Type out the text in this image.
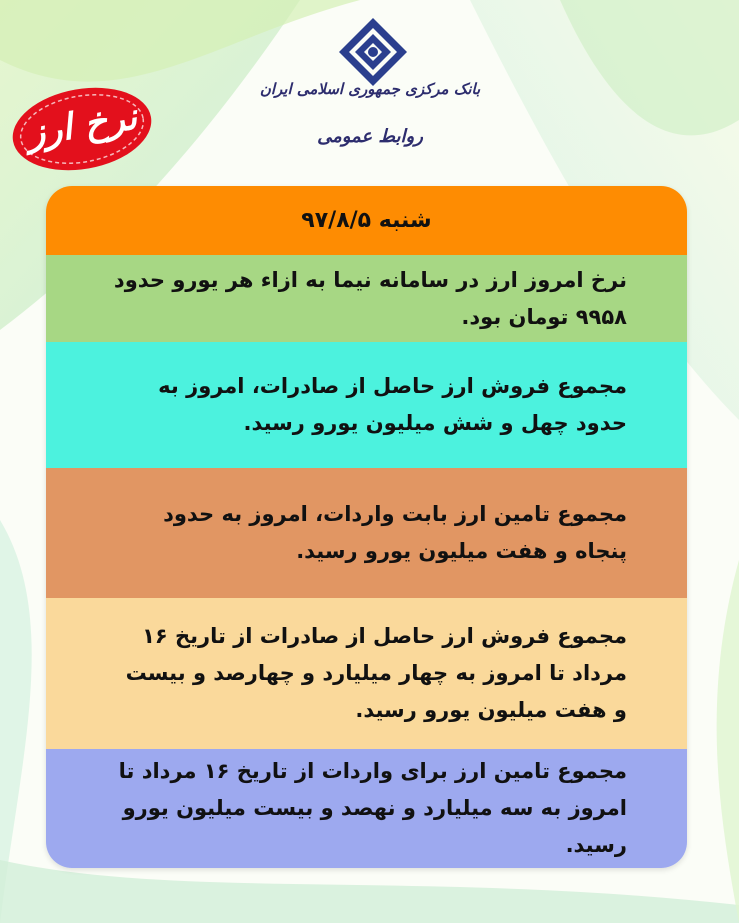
بانک مرکزی جمهوری اسلامی ایران
روابط عمومی
نرخ ارز
شنبه ۹۷/۸/۵
نرخ امروز ارز در سامانه نیما به ازاء هر یورو حدود ۹۹۵۸ تومان بود.
مجموع فروش ارز حاصل از صادرات، امروز به حدود چهل و شش میلیون یورو رسید.
مجموع تامین ارز بابت واردات، امروز به حدود پنجاه و هفت میلیون یورو رسید.
مجموع فروش ارز حاصل از صادرات از تاریخ ۱۶ مرداد تا امروز به چهار میلیارد و چهارصد و بیست و هفت میلیون یورو رسید.
مجموع تامین ارز برای واردات از تاریخ ۱۶ مرداد تا امروز به سه میلیارد و نهصد و بیست میلیون یورو رسید.
